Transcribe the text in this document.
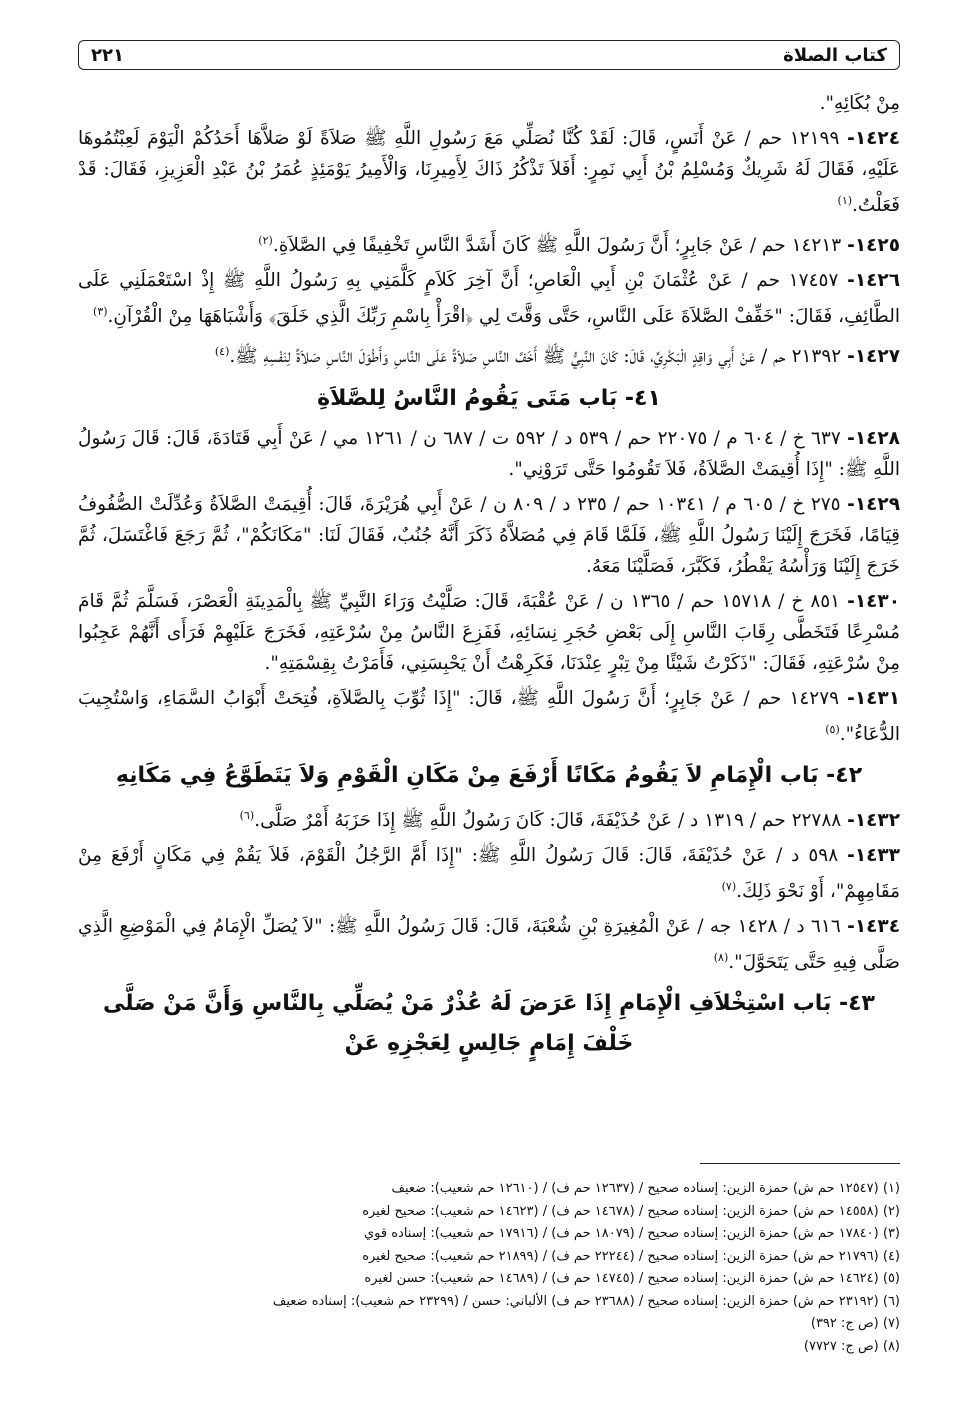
كتاب الصلاة
٢٢١

مِنْ بُكَائِهِ".

١٤٢٤- ١٢١٩٩ حم / عَنْ أَنَسٍ، قَالَ: لَقَدْ كُنَّا نُصَلِّي مَعَ رَسُولِ اللَّهِ ﷺ صَلاَةً لَوْ صَلاَّهَا أَحَدُكُمْ الْيَوْمَ لَعِبْتُمُوهَا عَلَيْهِ، فَقَالَ لَهُ شَرِيكٌ وَمُسْلِمُ بْنُ أَبِي نَمِرٍ: أَفَلاَ تَذْكُرُ ذَاكَ لِأَمِيرِنَا، وَالْأَمِيرُ يَوْمَئِذٍ عُمَرُ بْنُ عَبْدِ الْعَزِيزِ، فَقَالَ: قَدْ فَعَلْتُ.$^{(١)}$

١٤٢٥- ١٤٢١٣ حم / عَنْ جَابِرٍ؛ أَنَّ رَسُولَ اللَّهِ ﷺ كَانَ أَشَدَّ النَّاسِ تَخْفِيفًا فِي الصَّلاَةِ.$^{(٢)}$

١٤٢٦- ١٧٤٥٧ حم / عَنْ عُثْمَانَ بْنِ أَبِي الْعَاصِ؛ أَنَّ آخِرَ كَلاَمٍ كَلَّمَنِي بِهِ رَسُولُ اللَّهِ ﷺ إِذْ اسْتَعْمَلَنِي عَلَى الطَّائِفِ، فَقَالَ: "خَفِّفْ الصَّلاَةَ عَلَى النَّاسِ، حَتَّى وَقَّتَ لِي ﴿اقْرَأْ بِاسْمِ رَبِّكَ الَّذِي خَلَقَ﴾ وَأَشْبَاهَهَا مِنْ الْقُرْآنِ.$^{(٣)}$

١٤٢٧- ٢١٣٩٢ حم / عَنْ أَبِي وَاقِدٍ الْبَكْرِيِّ، قَالَ: كَانَ النَّبِيُّ ﷺ أَخَفَّ النَّاسِ صَلاَةً عَلَى النَّاسِ وَأَطْوَلَ النَّاسِ صَلاَةً لِنَفْسِهِ ﷺ.$^{(٤)}$

٤١- بَاب مَتَى يَقُومُ النَّاسُ لِلصَّلاَةِ

١٤٢٨- ٦٣٧ خ / ٦٠٤ م / ٢٢٠٧٥ حم / ٥٣٩ د / ٥٩٢ ت / ٦٨٧ ن / ١٢٦١ مي / عَنْ أَبِي قَتَادَةَ، قَالَ: قَالَ رَسُولُ اللَّهِ ﷺ: "إِذَا أُقِيمَتْ الصَّلاَةُ، فَلاَ تَقُومُوا حَتَّى تَرَوْنِي".

١٤٢٩- ٢٧٥ خ / ٦٠٥ م / ١٠٣٤١ حم / ٢٣٥ د / ٨٠٩ ن / عَنْ أَبِي هُرَيْرَةَ، قَالَ: أُقِيمَتْ الصَّلاَةُ وَعُدِّلَتْ الصُّفُوفُ قِيَامًا، فَخَرَجَ إِلَيْنَا رَسُولُ اللَّهِ ﷺ، فَلَمَّا قَامَ فِي مُصَلاَّهُ ذَكَرَ أَنَّهُ جُنُبٌ، فَقَالَ لَنَا: "مَكَانَكُمْ"، ثُمَّ رَجَعَ فَاغْتَسَلَ، ثُمَّ خَرَجَ إِلَيْنَا وَرَأْسُهُ يَقْطُرُ، فَكَبَّرَ، فَصَلَّيْنَا مَعَهُ.

١٤٣٠- ٨٥١ خ / ١٥٧١٨ حم / ١٣٦٥ ن / عَنْ عُقْبَةَ، قَالَ: صَلَّيْتُ وَرَاءَ النَّبِيِّ ﷺ بِالْمَدِينَةِ الْعَصْرَ، فَسَلَّمَ ثُمَّ قَامَ مُسْرِعًا فَتَخَطَّى رِقَابَ النَّاسِ إِلَى بَعْضِ حُجَرِ نِسَائِهِ، فَفَزِعَ النَّاسُ مِنْ سُرْعَتِهِ، فَخَرَجَ عَلَيْهِمْ فَرَأَى أَنَّهُمْ عَجِبُوا مِنْ سُرْعَتِهِ، فَقَالَ: "ذَكَرْتُ شَيْئًا مِنْ تِبْرٍ عِنْدَنَا، فَكَرِهْتُ أَنْ يَحْبِسَنِي، فَأَمَرْتُ بِقِسْمَتِهِ".

١٤٣١- ١٤٢٧٩ حم / عَنْ جَابِرٍ؛ أَنَّ رَسُولَ اللَّهِ ﷺ، قَالَ: "إِذَا ثُوِّبَ بِالصَّلاَةِ، فُتِحَتْ أَبْوَابُ السَّمَاءِ، وَاسْتُجِيبَ الدُّعَاءُ".$^{(٥)}$

٤٢- بَاب الْإِمَامِ لاَ يَقُومُ مَكَانًا أَرْفَعَ مِنْ مَكَانِ الْقَوْمِ وَلاَ يَتَطَوَّعُ فِي مَكَانِهِ

١٤٣٢- ٢٢٧٨٨ حم / ١٣١٩ د / عَنْ حُذَيْفَةَ، قَالَ: كَانَ رَسُولُ اللَّهِ ﷺ إِذَا حَزَبَهُ أَمْرٌ صَلَّى.$^{(٦)}$

١٤٣٣- ٥٩٨ د / عَنْ حُذَيْفَةَ، قَالَ: قَالَ رَسُولُ اللَّهِ ﷺ: "إِذَا أَمَّ الرَّجُلُ الْقَوْمَ، فَلاَ يَقُمْ فِي مَكَانٍ أَرْفَعَ مِنْ مَقَامِهِمْ"، أَوْ نَحْوَ ذَلِكَ.$^{(٧)}$

١٤٣٤- ٦١٦ د / ١٤٢٨ جه / عَنْ الْمُغِيرَةِ بْنِ شُعْبَةَ، قَالَ: قَالَ رَسُولُ اللَّهِ ﷺ: "لاَ يُصَلِّ الْإِمَامُ فِي الْمَوْضِعِ الَّذِي صَلَّى فِيهِ حَتَّى يَتَحَوَّلَ".$^{(٨)}$

٤٣- بَاب اسْتِخْلاَفِ الْإِمَامِ إِذَا عَرَضَ لَهُ عُذْرٌ مَنْ يُصَلِّي بِالنَّاسِ وَأَنَّ مَنْ صَلَّى خَلْفَ إِمَامٍ جَالِسٍ لِعَجْزِهِ عَنْ
(١) (١٢٥٤٧ حم ش) حمزة الزين: إسناده صحيح / (١٢٦٣٧ حم ف) / (١٢٦١٠ حم شعيب): ضعيف
(٢) (١٤٥٥٨ حم ش) حمزة الزين: إسناده صحيح / (١٤٦٧٨ حم ف) / (١٤٦٢٣ حم شعيب): صحيح لغيره
(٣) (١٧٨٤٠ حم ش) حمزة الزين: إسناده صحيح / (١٨٠٧٩ حم ف) / (١٧٩١٦ حم شعيب): إسناده قوي
(٤) (٢١٧٩٦ حم ش) حمزة الزين: إسناده صحيح / (٢٢٢٤٤ حم ف) / (٢١٨٩٩ حم شعيب): صحيح لغيره
(٥) (١٤٦٢٤ حم ش) حمزة الزين: إسناده صحيح / (١٤٧٤٥ حم ف) / (١٤٦٨٩ حم شعيب): حسن لغيره
(٦) (٢٣١٩٢ حم ش) حمزة الزين: إسناده صحيح / (٢٣٦٨٨ حم ف) الألباني: حسن / (٢٣٢٩٩ حم شعيب): إسناده ضعيف
(٧) (ص ج: ٣٩٢)
(٨) (ص ج: ٧٧٢٧)
